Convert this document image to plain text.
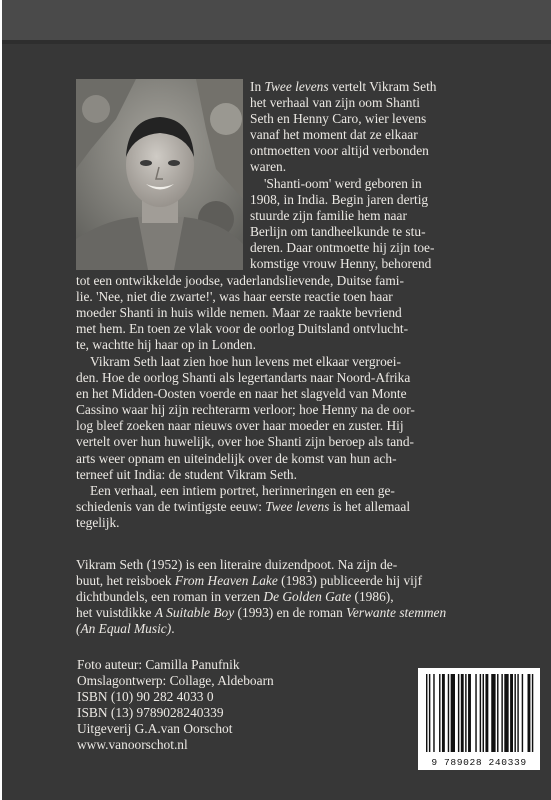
In Twee levens vertelt Vikram Seth
het verhaal van zijn oom Shanti
Seth en Henny Caro, wier levens
vanaf het moment dat ze elkaar
ontmoetten voor altijd verbonden
waren.
'Shanti-oom' werd geboren in
1908, in India. Begin jaren dertig
stuurde zijn familie hem naar
Berlijn om tandheelkunde te stu-
deren. Daar ontmoette hij zijn toe-
komstige vrouw Henny, behorend
tot een ontwikkelde joodse, vaderlandslievende, Duitse fami-
lie. 'Nee, niet die zwarte!', was haar eerste reactie toen haar
moeder Shanti in huis wilde nemen. Maar ze raakte bevriend
met hem. En toen ze vlak voor de oorlog Duitsland ontvlucht-
te, wachtte hij haar op in Londen.
Vikram Seth laat zien hoe hun levens met elkaar vergroei-
den. Hoe de oorlog Shanti als legertandarts naar Noord-Afrika
en het Midden-Oosten voerde en naar het slagveld van Monte
Cassino waar hij zijn rechterarm verloor; hoe Henny na de oor-
log bleef zoeken naar nieuws over haar moeder en zuster. Hij
vertelt over hun huwelijk, over hoe Shanti zijn beroep als tand-
arts weer opnam en uiteindelijk over de komst van hun ach-
terneef uit India: de student Vikram Seth.
Een verhaal, een intiem portret, herinneringen en een ge-
schiedenis van de twintigste eeuw: Twee levens is het allemaal
tegelijk.
Vikram Seth (1952) is een literaire duizendpoot. Na zijn de-
buut, het reisboek From Heaven Lake (1983) publiceerde hij vijf
dichtbundels, een roman in verzen De Golden Gate (1986),
het vuistdikke A Suitable Boy (1993) en de roman Verwante stemmen
(An Equal Music).
Foto auteur: Camilla Panufnik
Omslagontwerp: Collage, Aldeboarn
ISBN (10) 90 282 4033 0
ISBN (13) 9789028240339
Uitgeverij G.A.van Oorschot
www.vanoorschot.nl
9 789028 240339
